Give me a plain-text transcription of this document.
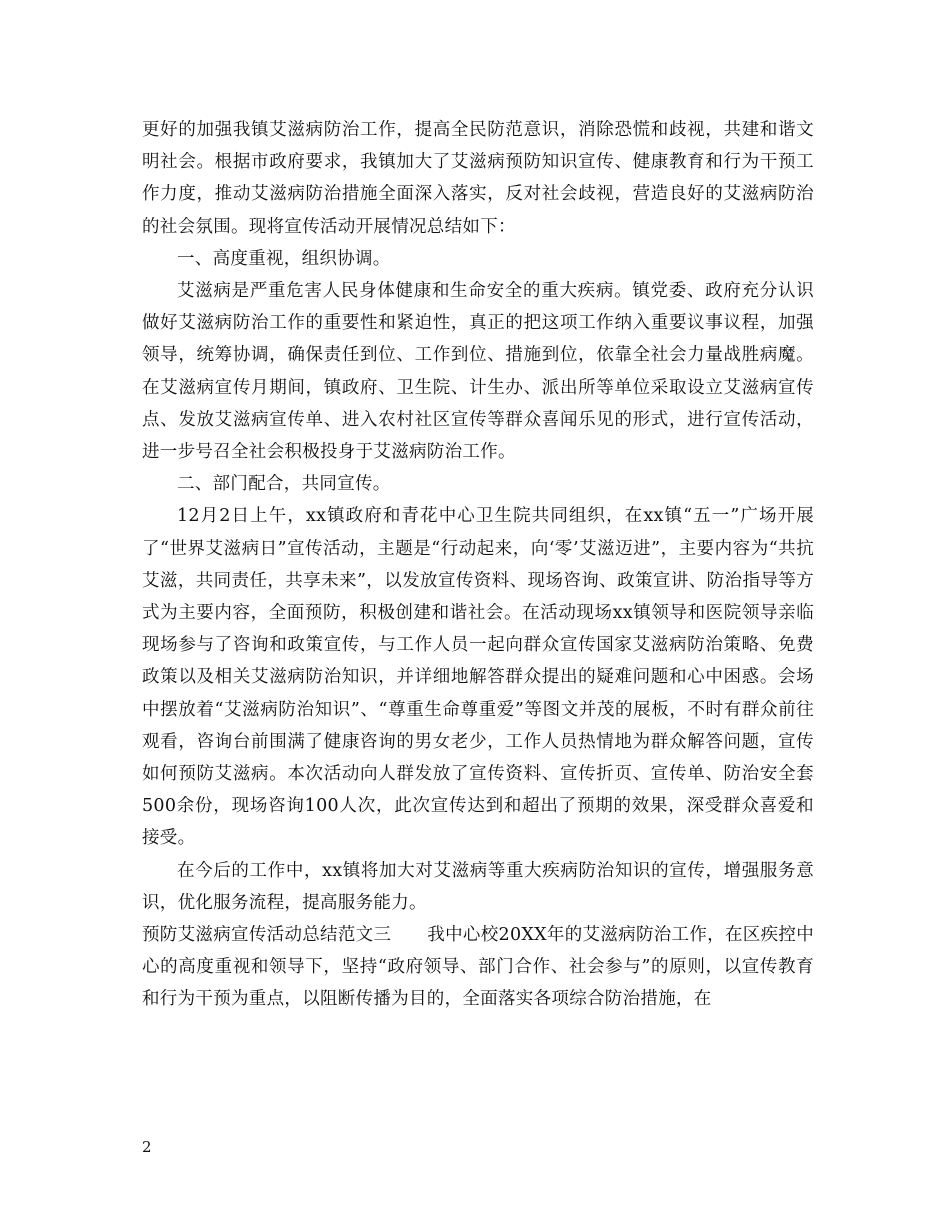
更好的加强我镇艾滋病防治工作，提高全民防范意识，消除恐慌和歧视，共建和谐文明社会。根据市政府要求，我镇加大了艾滋病预防知识宣传、健康教育和行为干预工作力度，推动艾滋病防治措施全面深入落实，反对社会歧视，营造良好的艾滋病防治的社会氛围。现将宣传活动开展情况总结如下：

一、高度重视，组织协调。

艾滋病是严重危害人民身体健康和生命安全的重大疾病。镇党委、政府充分认识做好艾滋病防治工作的重要性和紧迫性，真正的把这项工作纳入重要议事议程，加强领导，统筹协调，确保责任到位、工作到位、措施到位，依靠全社会力量战胜病魔。在艾滋病宣传月期间，镇政府、卫生院、计生办、派出所等单位采取设立艾滋病宣传点、发放艾滋病宣传单、进入农村社区宣传等群众喜闻乐见的形式，进行宣传活动，进一步号召全社会积极投身于艾滋病防治工作。

二、部门配合，共同宣传。

12月2日上午，xx镇政府和青花中心卫生院共同组织，在xx镇“五一”广场开展了“世界艾滋病日”宣传活动，主题是“行动起来，向‘零’艾滋迈进”，主要内容为“共抗艾滋，共同责任，共享未来”，以发放宣传资料、现场咨询、政策宣讲、防治指导等方式为主要内容，全面预防，积极创建和谐社会。在活动现场xx镇领导和医院领导亲临现场参与了咨询和政策宣传，与工作人员一起向群众宣传国家艾滋病防治策略、免费政策以及相关艾滋病防治知识，并详细地解答群众提出的疑难问题和心中困惑。会场中摆放着“艾滋病防治知识”、“尊重生命尊重爱”等图文并茂的展板，不时有群众前往观看，咨询台前围满了健康咨询的男女老少，工作人员热情地为群众解答问题，宣传如何预防艾滋病。本次活动向人群发放了宣传资料、宣传折页、宣传单、防治安全套500余份，现场咨询100人次，此次宣传达到和超出了预期的效果，深受群众喜爱和接受。

在今后的工作中，xx镇将加大对艾滋病等重大疾病防治知识的宣传，增强服务意识，优化服务流程，提高服务能力。

预防艾滋病宣传活动总结范文三 我中心校20XX年的艾滋病防治工作，在区疾控中心的高度重视和领导下，坚持“政府领导、部门合作、社会参与”的原则，以宣传教育和行为干预为重点，以阻断传播为目的，全面落实各项综合防治措施，在

2
